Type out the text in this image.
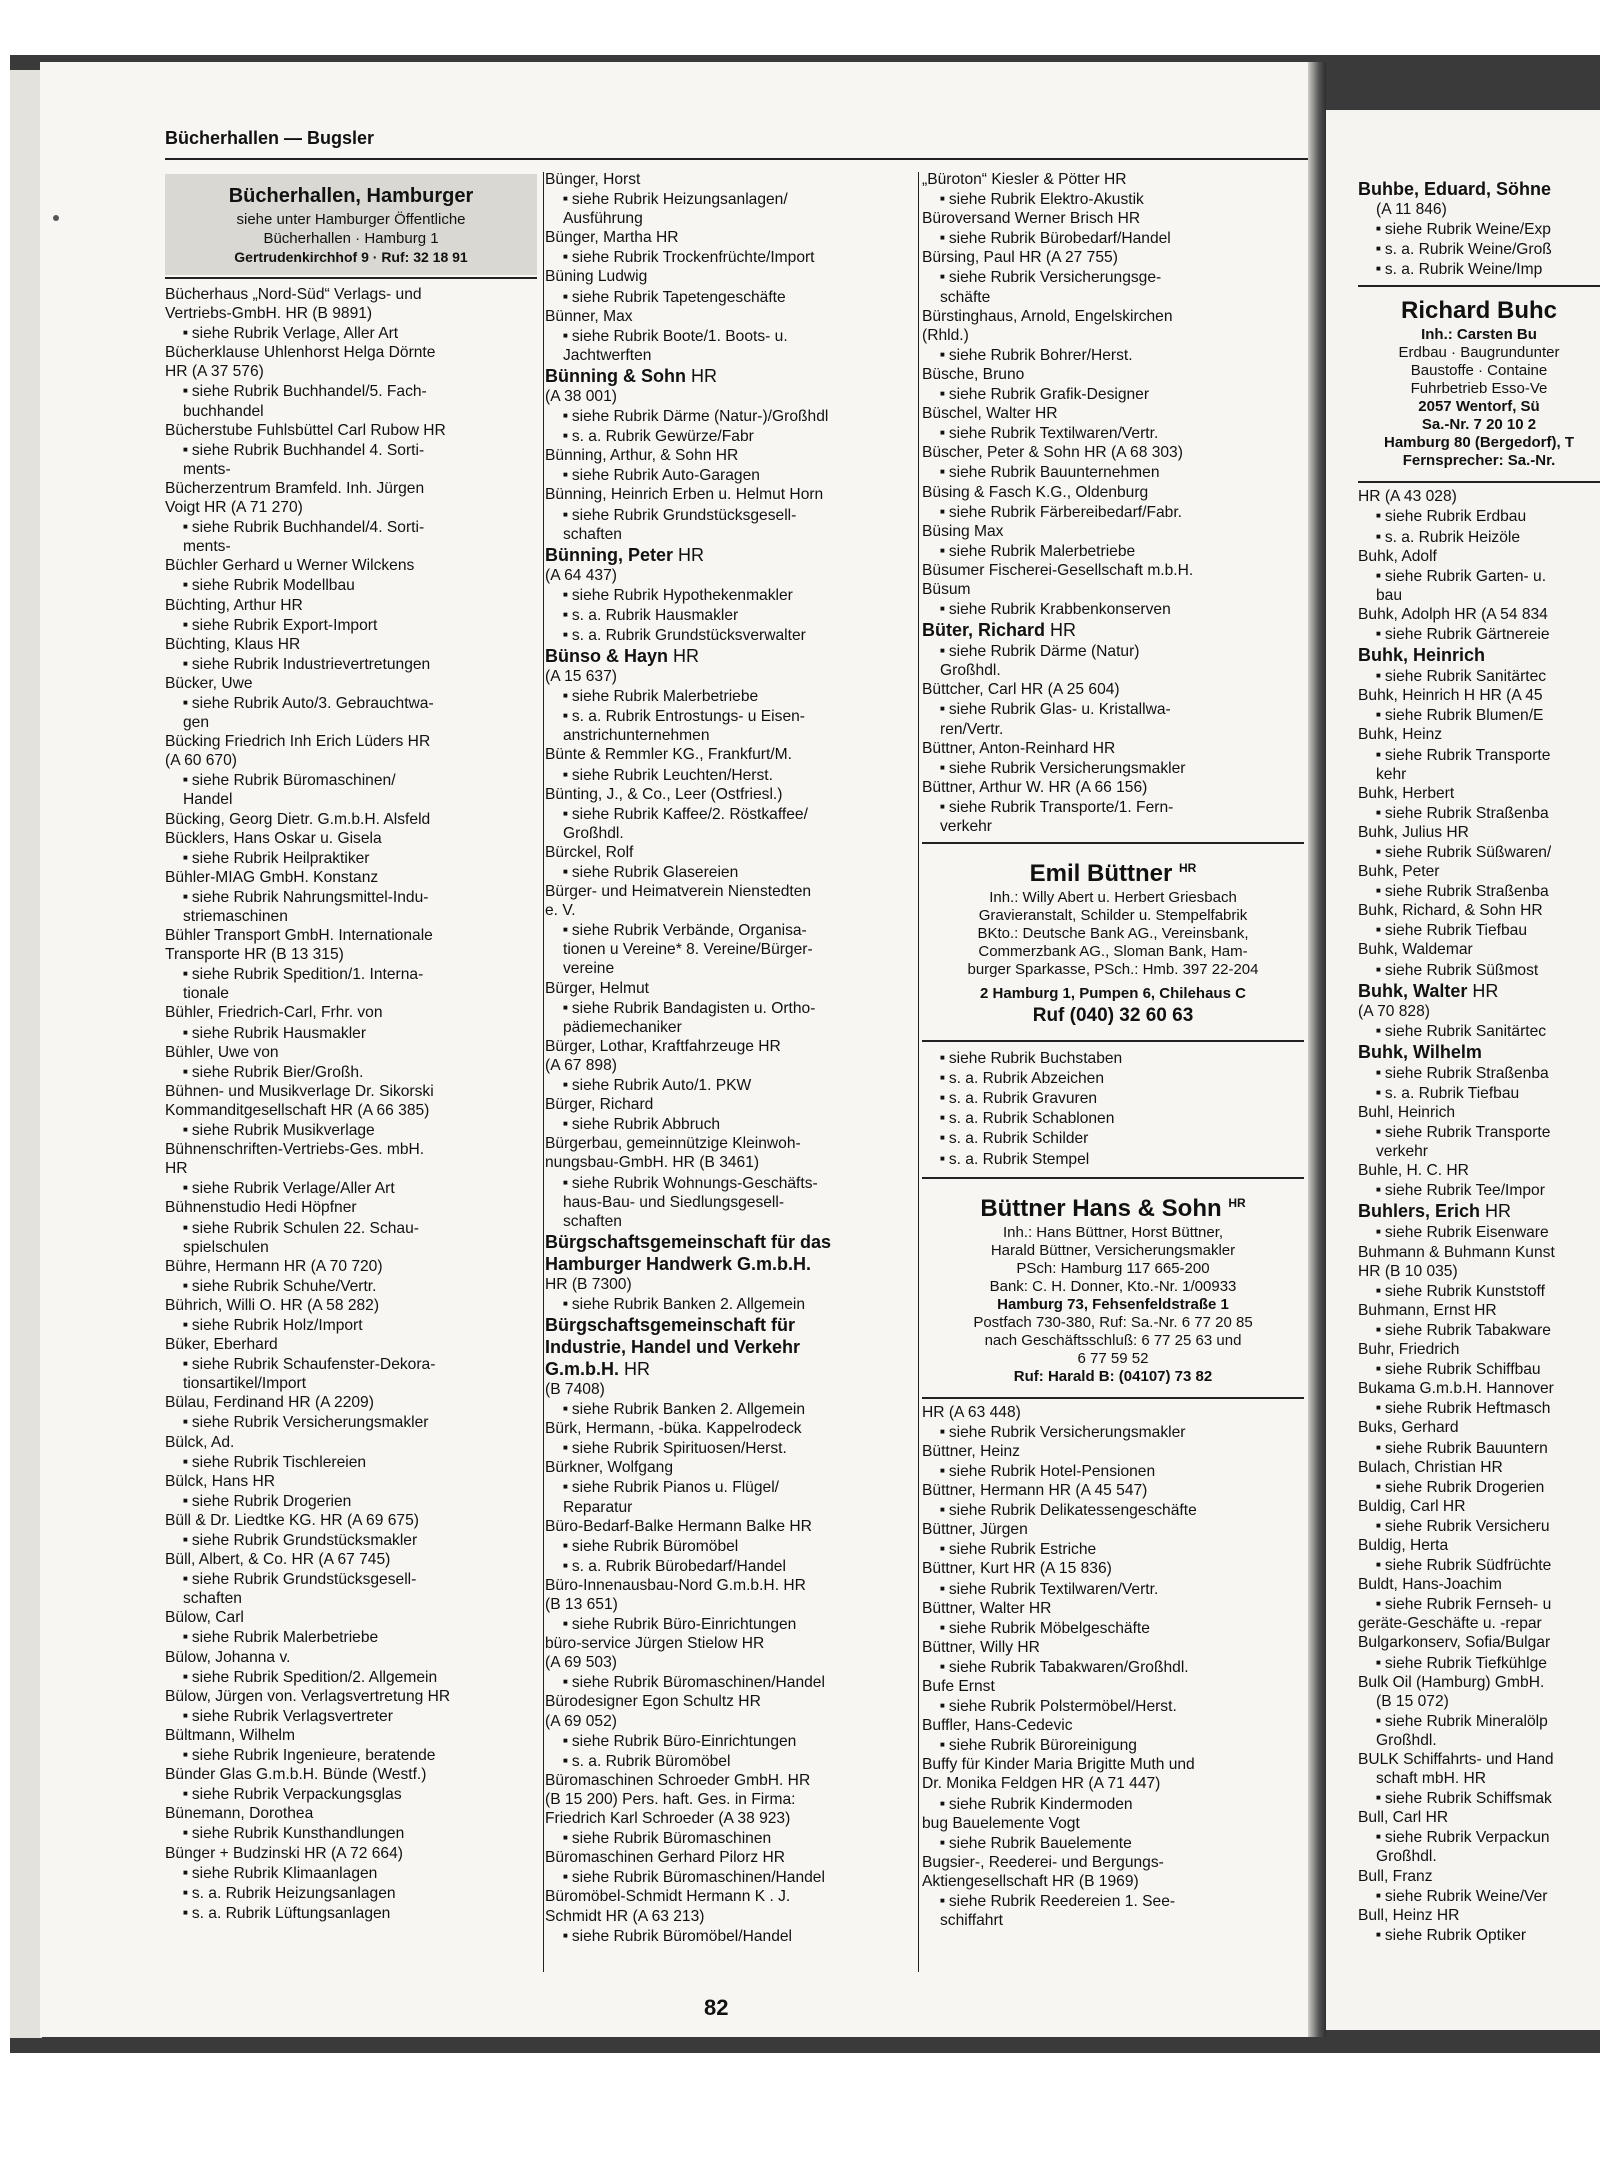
Bücherhallen — Bugsler
Bücherhallen, Hamburger
siehe unter Hamburger Öffentliche
Bücherhallen · Hamburg 1
Gertrudenkirchhof 9 · Ruf: 32 18 91
Bücherhaus „Nord-Süd“ Verlags- und
Vertriebs-GmbH. HR (B 9891)
■ siehe Rubrik Verlage, Aller Art
Bücherklause Uhlenhorst Helga Dörnte
HR (A 37 576)
■ siehe Rubrik Buchhandel/5. Fach-
buchhandel
Bücherstube Fuhlsbüttel Carl Rubow HR
■ siehe Rubrik Buchhandel 4. Sorti-
ments-
Bücherzentrum Bramfeld. Inh. Jürgen
Voigt HR (A 71 270)
■ siehe Rubrik Buchhandel/4. Sorti-
ments-
Büchler Gerhard u Werner Wilckens
■ siehe Rubrik Modellbau
Büchting, Arthur HR
■ siehe Rubrik Export-Import
Büchting, Klaus HR
■ siehe Rubrik Industrievertretungen
Bücker, Uwe
■ siehe Rubrik Auto/3. Gebrauchtwa-
gen
Bücking Friedrich Inh Erich Lüders HR
(A 60 670)
■ siehe Rubrik Büromaschinen/
Handel
Bücking, Georg Dietr. G.m.b.H. Alsfeld
Bücklers, Hans Oskar u. Gisela
■ siehe Rubrik Heilpraktiker
Bühler-MIAG GmbH. Konstanz
■ siehe Rubrik Nahrungsmittel-Indu-
striemaschinen
Bühler Transport GmbH. Internationale
Transporte HR (B 13 315)
■ siehe Rubrik Spedition/1. Interna-
tionale
Bühler, Friedrich-Carl, Frhr. von
■ siehe Rubrik Hausmakler
Bühler, Uwe von
■ siehe Rubrik Bier/Großh.
Bühnen- und Musikverlage Dr. Sikorski
Kommanditgesellschaft HR (A 66 385)
■ siehe Rubrik Musikverlage
Bühnenschriften-Vertriebs-Ges. mbH.
HR
■ siehe Rubrik Verlage/Aller Art
Bühnenstudio Hedi Höpfner
■ siehe Rubrik Schulen 22. Schau-
spielschulen
Bühre, Hermann HR (A 70 720)
■ siehe Rubrik Schuhe/Vertr.
Bührich, Willi O. HR (A 58 282)
■ siehe Rubrik Holz/Import
Büker, Eberhard
■ siehe Rubrik Schaufenster-Dekora-
tionsartikel/Import
Bülau, Ferdinand HR (A 2209)
■ siehe Rubrik Versicherungsmakler
Bülck, Ad.
■ siehe Rubrik Tischlereien
Bülck, Hans HR
■ siehe Rubrik Drogerien
Büll & Dr. Liedtke KG. HR (A 69 675)
■ siehe Rubrik Grundstücksmakler
Büll, Albert, & Co. HR (A 67 745)
■ siehe Rubrik Grundstücksgesell-
schaften
Bülow, Carl
■ siehe Rubrik Malerbetriebe
Bülow, Johanna v.
■ siehe Rubrik Spedition/2. Allgemein
Bülow, Jürgen von. Verlagsvertretung HR
■ siehe Rubrik Verlagsvertreter
Bültmann, Wilhelm
■ siehe Rubrik Ingenieure, beratende
Bünder Glas G.m.b.H. Bünde (Westf.)
■ siehe Rubrik Verpackungsglas
Bünemann, Dorothea
■ siehe Rubrik Kunsthandlungen
Bünger + Budzinski HR (A 72 664)
■ siehe Rubrik Klimaanlagen
■ s. a. Rubrik Heizungsanlagen
■ s. a. Rubrik Lüftungsanlagen
Bünger, Horst
■ siehe Rubrik Heizungsanlagen/
Ausführung
Bünger, Martha HR
■ siehe Rubrik Trockenfrüchte/Import
Büning Ludwig
■ siehe Rubrik Tapetengeschäfte
Bünner, Max
■ siehe Rubrik Boote/1. Boots- u.
Jachtwerften
Bünning & Sohn HR
(A 38 001)
■ siehe Rubrik Därme (Natur-)/Großhdl
■ s. a. Rubrik Gewürze/Fabr
Bünning, Arthur, & Sohn HR
■ siehe Rubrik Auto-Garagen
Bünning, Heinrich Erben u. Helmut Horn
■ siehe Rubrik Grundstücksgesell-
schaften
Bünning, Peter HR
(A 64 437)
■ siehe Rubrik Hypothekenmakler
■ s. a. Rubrik Hausmakler
■ s. a. Rubrik Grundstücksverwalter
Bünso & Hayn HR
(A 15 637)
■ siehe Rubrik Malerbetriebe
■ s. a. Rubrik Entrostungs- u Eisen-
anstrichunternehmen
Bünte & Remmler KG., Frankfurt/M.
■ siehe Rubrik Leuchten/Herst.
Bünting, J., & Co., Leer (Ostfriesl.)
■ siehe Rubrik Kaffee/2. Röstkaffee/
Großhdl.
Bürckel, Rolf
■ siehe Rubrik Glasereien
Bürger- und Heimatverein Nienstedten
e. V.
■ siehe Rubrik Verbände, Organisa-
tionen u Vereine* 8. Vereine/Bürger-
vereine
Bürger, Helmut
■ siehe Rubrik Bandagisten u. Ortho-
pädiemechaniker
Bürger, Lothar, Kraftfahrzeuge HR
(A 67 898)
■ siehe Rubrik Auto/1. PKW
Bürger, Richard
■ siehe Rubrik Abbruch
Bürgerbau, gemeinnützige Kleinwoh-
nungsbau-GmbH. HR (B 3461)
■ siehe Rubrik Wohnungs-Geschäfts-
haus-Bau- und Siedlungsgesell-
schaften
Bürgschaftsgemeinschaft für das
Hamburger Handwerk G.m.b.H.
HR (B 7300)
■ siehe Rubrik Banken 2. Allgemein
Bürgschaftsgemeinschaft für
Industrie, Handel und Verkehr
G.m.b.H. HR
(B 7408)
■ siehe Rubrik Banken 2. Allgemein
Bürk, Hermann, -büka. Kappelrodeck
■ siehe Rubrik Spirituosen/Herst.
Bürkner, Wolfgang
■ siehe Rubrik Pianos u. Flügel/
Reparatur
Büro-Bedarf-Balke Hermann Balke HR
■ siehe Rubrik Büromöbel
■ s. a. Rubrik Bürobedarf/Handel
Büro-Innenausbau-Nord G.m.b.H. HR
(B 13 651)
■ siehe Rubrik Büro-Einrichtungen
büro-service Jürgen Stielow HR
(A 69 503)
■ siehe Rubrik Büromaschinen/Handel
Bürodesigner Egon Schultz HR
(A 69 052)
■ siehe Rubrik Büro-Einrichtungen
■ s. a. Rubrik Büromöbel
Büromaschinen Schroeder GmbH. HR
(B 15 200) Pers. haft. Ges. in Firma:
Friedrich Karl Schroeder (A 38 923)
■ siehe Rubrik Büromaschinen
Büromaschinen Gerhard Pilorz HR
■ siehe Rubrik Büromaschinen/Handel
Büromöbel-Schmidt Hermann K . J.
Schmidt HR (A 63 213)
■ siehe Rubrik Büromöbel/Handel
„Büroton“ Kiesler & Pötter HR
■ siehe Rubrik Elektro-Akustik
Büroversand Werner Brisch HR
■ siehe Rubrik Bürobedarf/Handel
Bürsing, Paul HR (A 27 755)
■ siehe Rubrik Versicherungsge-
schäfte
Bürstinghaus, Arnold, Engelskirchen
(Rhld.)
■ siehe Rubrik Bohrer/Herst.
Büsche, Bruno
■ siehe Rubrik Grafik-Designer
Büschel, Walter HR
■ siehe Rubrik Textilwaren/Vertr.
Büscher, Peter & Sohn HR (A 68 303)
■ siehe Rubrik Bauunternehmen
Büsing & Fasch K.G., Oldenburg
■ siehe Rubrik Färbereibedarf/Fabr.
Büsing Max
■ siehe Rubrik Malerbetriebe
Büsumer Fischerei-Gesellschaft m.b.H.
Büsum
■ siehe Rubrik Krabbenkonserven
Büter, Richard HR
■ siehe Rubrik Därme (Natur)
Großhdl.
Büttcher, Carl HR (A 25 604)
■ siehe Rubrik Glas- u. Kristallwa-
ren/Vertr.
Büttner, Anton-Reinhard HR
■ siehe Rubrik Versicherungsmakler
Büttner, Arthur W. HR (A 66 156)
■ siehe Rubrik Transporte/1. Fern-
verkehr
Emil Büttner $^{HR}$
Inh.: Willy Abert u. Herbert Griesbach
Gravieranstalt, Schilder u. Stempelfabrik
BKto.: Deutsche Bank AG., Vereinsbank,
Commerzbank AG., Sloman Bank, Ham-
burger Sparkasse, PSch.: Hmb. 397 22-204
2 Hamburg 1, Pumpen 6, Chilehaus C
Ruf (040) 32 60 63
■ siehe Rubrik Buchstaben
■ s. a. Rubrik Abzeichen
■ s. a. Rubrik Gravuren
■ s. a. Rubrik Schablonen
■ s. a. Rubrik Schilder
■ s. a. Rubrik Stempel
Büttner Hans & Sohn $^{HR}$
Inh.: Hans Büttner, Horst Büttner,
Harald Büttner, Versicherungsmakler
PSch: Hamburg 117 665-200
Bank: C. H. Donner, Kto.-Nr. 1/00933
Hamburg 73, Fehsenfeldstraße 1
Postfach 730-380, Ruf: Sa.-Nr. 6 77 20 85
nach Geschäftsschluß: 6 77 25 63 und
6 77 59 52
Ruf: Harald B: (04107) 73 82
HR (A 63 448)
■ siehe Rubrik Versicherungsmakler
Büttner, Heinz
■ siehe Rubrik Hotel-Pensionen
Büttner, Hermann HR (A 45 547)
■ siehe Rubrik Delikatessengeschäfte
Büttner, Jürgen
■ siehe Rubrik Estriche
Büttner, Kurt HR (A 15 836)
■ siehe Rubrik Textilwaren/Vertr.
Büttner, Walter HR
■ siehe Rubrik Möbelgeschäfte
Büttner, Willy HR
■ siehe Rubrik Tabakwaren/Großhdl.
Bufe Ernst
■ siehe Rubrik Polstermöbel/Herst.
Buffler, Hans-Cedevic
■ siehe Rubrik Büroreinigung
Buffy für Kinder Maria Brigitte Muth und
Dr. Monika Feldgen HR (A 71 447)
■ siehe Rubrik Kindermoden
bug Bauelemente Vogt
■ siehe Rubrik Bauelemente
Bugsier-, Reederei- und Bergungs-
Aktiengesellschaft HR (B 1969)
■ siehe Rubrik Reedereien 1. See-
schiffahrt
Buhbe, Eduard, Söhne
(A 11 846)
■ siehe Rubrik Weine/Exp
■ s. a. Rubrik Weine/Groß
■ s. a. Rubrik Weine/Imp
Richard Buhc
Inh.: Carsten Bu
Erdbau · Baugrundunter
Baustoffe · Containe
Fuhrbetrieb Esso-Ve
2057 Wentorf, Sü
Sa.-Nr. 7 20 10 2
Hamburg 80 (Bergedorf), T
Fernsprecher: Sa.-Nr.
HR (A 43 028)
■ siehe Rubrik Erdbau
■ s. a. Rubrik Heizöle
Buhk, Adolf
■ siehe Rubrik Garten- u.
bau
Buhk, Adolph HR (A 54 834
■ siehe Rubrik Gärtnereie
Buhk, Heinrich
■ siehe Rubrik Sanitärtec
Buhk, Heinrich H HR (A 45
■ siehe Rubrik Blumen/E
Buhk, Heinz
■ siehe Rubrik Transporte
kehr
Buhk, Herbert
■ siehe Rubrik Straßenba
Buhk, Julius HR
■ siehe Rubrik Süßwaren/
Buhk, Peter
■ siehe Rubrik Straßenba
Buhk, Richard, & Sohn HR
■ siehe Rubrik Tiefbau
Buhk, Waldemar
■ siehe Rubrik Süßmost
Buhk, Walter HR
(A 70 828)
■ siehe Rubrik Sanitärtec
Buhk, Wilhelm
■ siehe Rubrik Straßenba
■ s. a. Rubrik Tiefbau
Buhl, Heinrich
■ siehe Rubrik Transporte
verkehr
Buhle, H. C. HR
■ siehe Rubrik Tee/Impor
Buhlers, Erich HR
■ siehe Rubrik Eisenware
Buhmann & Buhmann Kunst
HR (B 10 035)
■ siehe Rubrik Kunststoff
Buhmann, Ernst HR
■ siehe Rubrik Tabakware
Buhr, Friedrich
■ siehe Rubrik Schiffbau
Bukama G.m.b.H. Hannover
■ siehe Rubrik Heftmasch
Buks, Gerhard
■ siehe Rubrik Bauuntern
Bulach, Christian HR
■ siehe Rubrik Drogerien
Buldig, Carl HR
■ siehe Rubrik Versicheru
Buldig, Herta
■ siehe Rubrik Südfrüchte
Buldt, Hans-Joachim
■ siehe Rubrik Fernseh- u
geräte-Geschäfte u. -repar
Bulgarkonserv, Sofia/Bulgar
■ siehe Rubrik Tiefkühlge
Bulk Oil (Hamburg) GmbH.
(B 15 072)
■ siehe Rubrik Mineralölp
Großhdl.
BULK Schiffahrts- und Hand
schaft mbH. HR
■ siehe Rubrik Schiffsmak
Bull, Carl HR
■ siehe Rubrik Verpackun
Großhdl.
Bull, Franz
■ siehe Rubrik Weine/Ver
Bull, Heinz HR
■ siehe Rubrik Optiker
82
